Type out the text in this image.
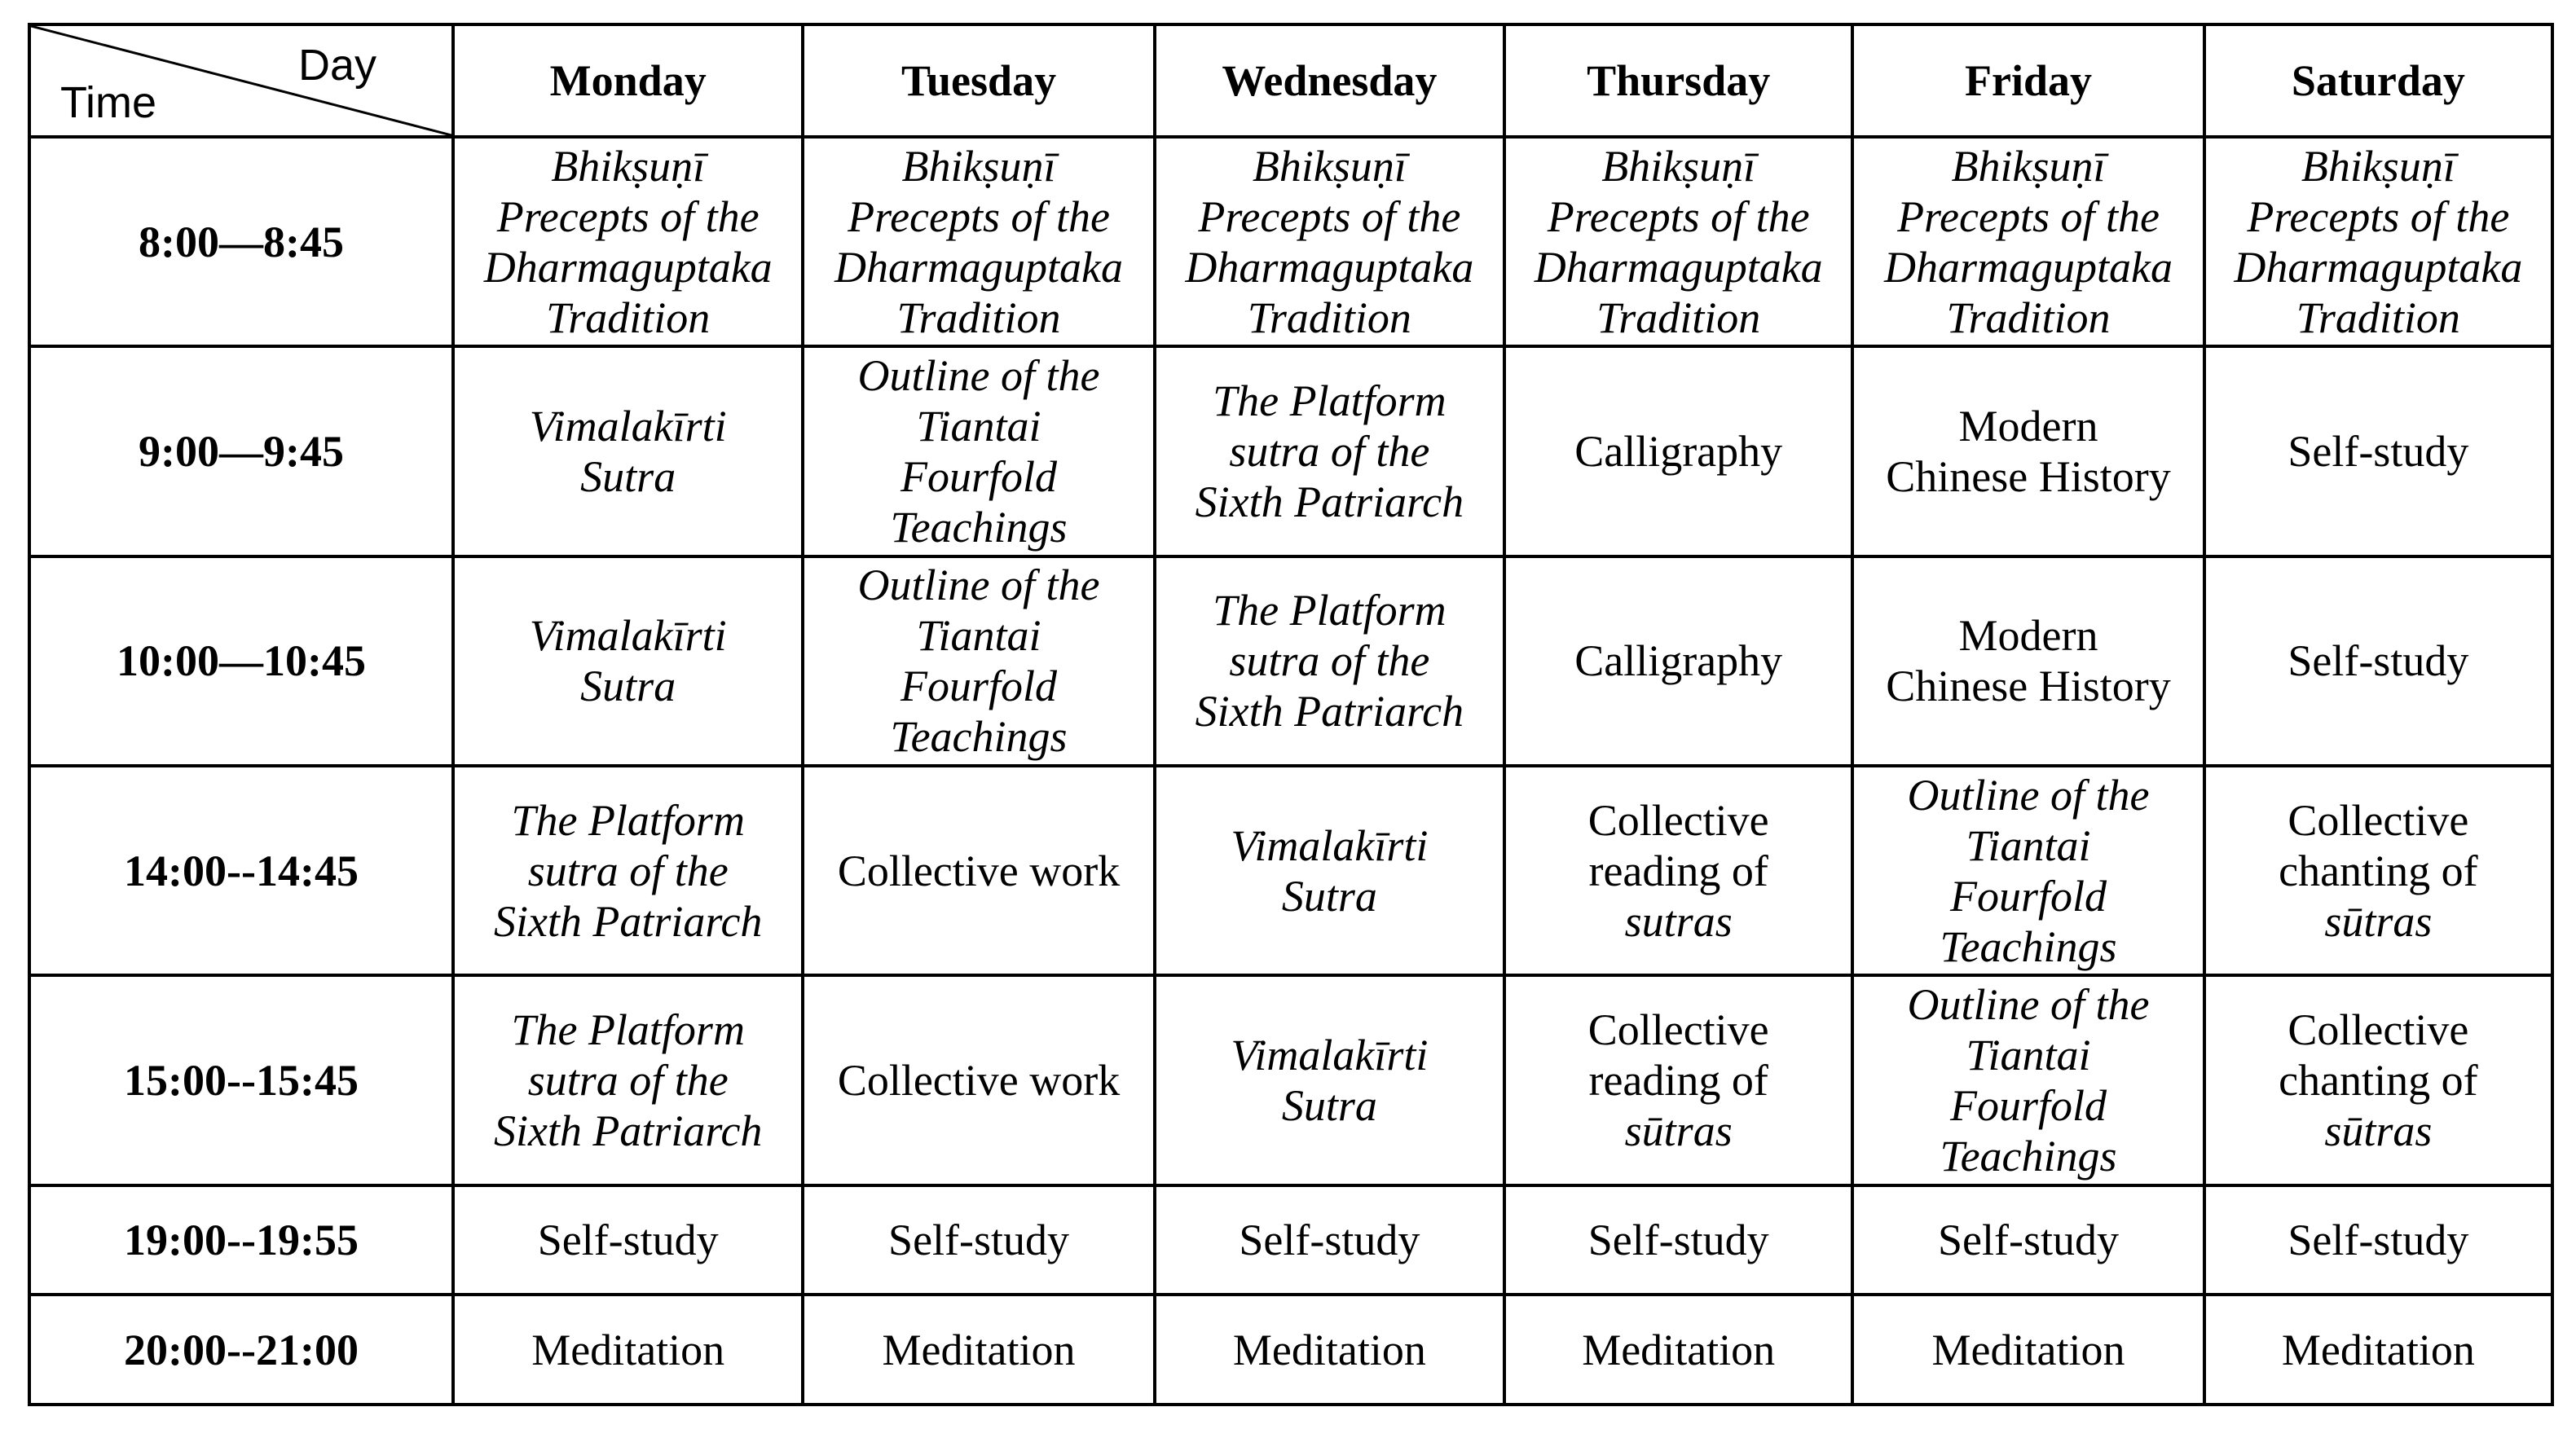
Day
Time	Monday	Tuesday	Wednesday	Thursday	Friday	Saturday
8:00—8:45	Bhikṣuṇī
Precepts of the
Dharmaguptaka
Tradition	Bhikṣuṇī
Precepts of the
Dharmaguptaka
Tradition	Bhikṣuṇī
Precepts of the
Dharmaguptaka
Tradition	Bhikṣuṇī
Precepts of the
Dharmaguptaka
Tradition	Bhikṣuṇī
Precepts of the
Dharmaguptaka
Tradition	Bhikṣuṇī
Precepts of the
Dharmaguptaka
Tradition

9:00—9:45	Vimalakīrti
Sutra	Outline of the
Tiantai
Fourfold
Teachings	The Platform
sutra of the
Sixth Patriarch	Calligraphy	Modern
Chinese History	Self-study

10:00—10:45	Vimalakīrti
Sutra	Outline of the
Tiantai
Fourfold
Teachings	The Platform
sutra of the
Sixth Patriarch	Calligraphy	Modern
Chinese History	Self-study

14:00--14:45	The Platform
sutra of the
Sixth Patriarch	Collective work	Vimalakīrti
Sutra	Collective
reading of
sutras	Outline of the
Tiantai
Fourfold
Teachings	Collective
chanting of
sūtras

15:00--15:45	The Platform
sutra of the
Sixth Patriarch	Collective work	Vimalakīrti
Sutra	Collective
reading of
sūtras	Outline of the
Tiantai
Fourfold
Teachings	Collective
chanting of
sūtras

19:00--19:55	Self-study	Self-study	Self-study	Self-study	Self-study	Self-study

20:00--21:00	Meditation	Meditation	Meditation	Meditation	Meditation	Meditation
